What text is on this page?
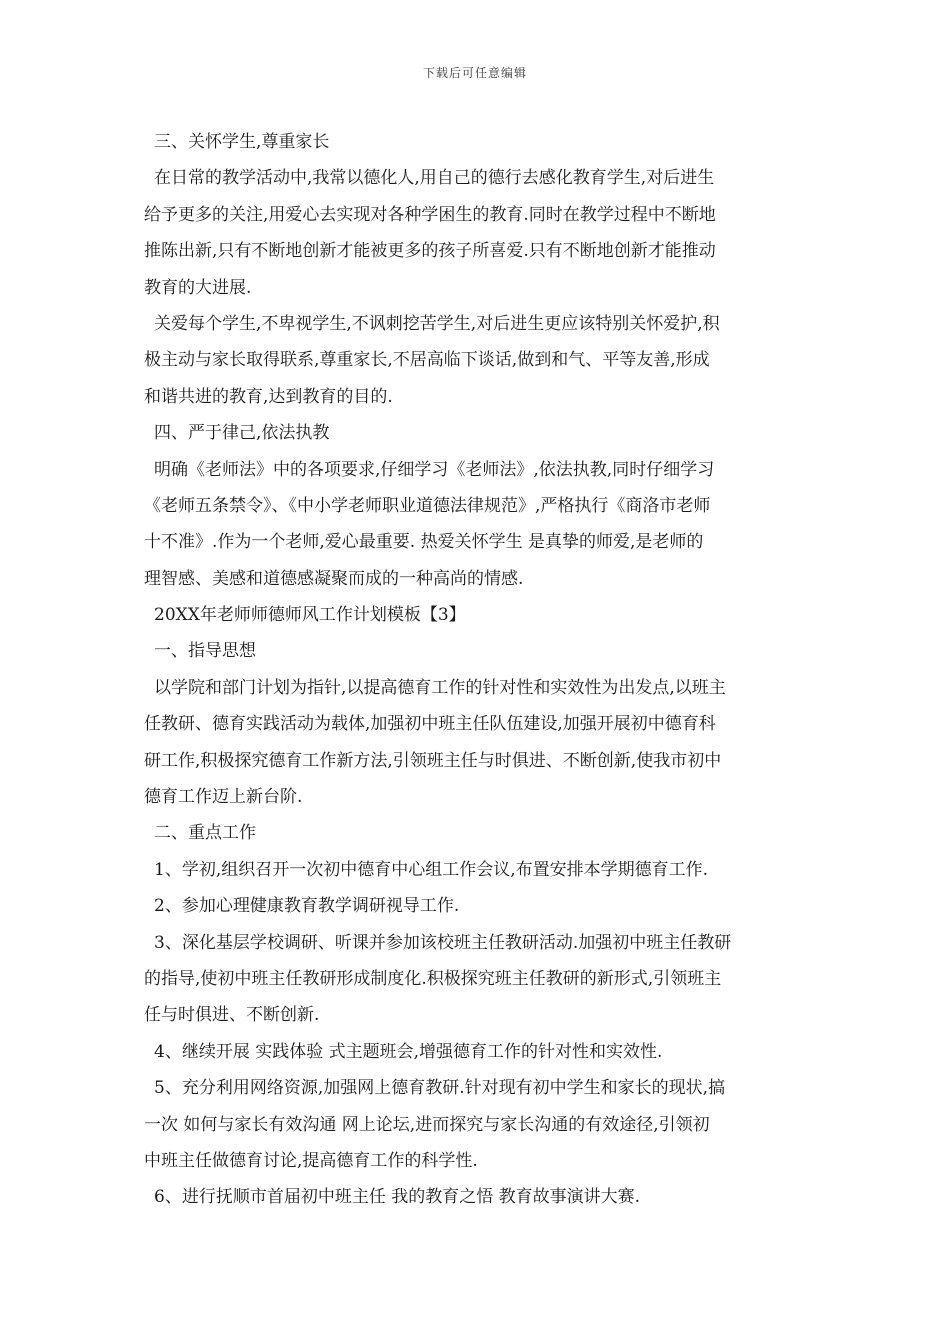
下载后可任意编辑
三、关怀学生,尊重家长
在日常的教学活动中,我常以德化人,用自己的德行去感化教育学生,对后进生
给予更多的关注,用爱心去实现对各种学困生的教育.同时在教学过程中不断地
推陈出新,只有不断地创新才能被更多的孩子所喜爱.只有不断地创新才能推动
教育的大进展.
关爱每个学生,不卑视学生,不讽刺挖苦学生,对后进生更应该特别关怀爱护,积
极主动与家长取得联系,尊重家长,不居高临下谈话,做到和气、平等友善,形成
和谐共进的教育,达到教育的目的.
四、严于律己,依法执教
明确《老师法》中的各项要求,仔细学习《老师法》,依法执教,同时仔细学习
《老师五条禁令》、《中小学老师职业道德法律规范》,严格执行《商洛市老师
十不准》.作为一个老师,爱心最重要. 热爱关怀学生 是真挚的师爱,是老师的
理智感、美感和道德感凝聚而成的一种高尚的情感.
20XX年老师师德师风工作计划模板【3】
一、指导思想
以学院和部门计划为指针,以提高德育工作的针对性和实效性为出发点,以班主
任教研、德育实践活动为载体,加强初中班主任队伍建设,加强开展初中德育科
研工作,积极探究德育工作新方法,引领班主任与时俱进、不断创新,使我市初中
德育工作迈上新台阶.
二、重点工作
1、学初,组织召开一次初中德育中心组工作会议,布置安排本学期德育工作.
2、参加心理健康教育教学调研视导工作.
3、深化基层学校调研、听课并参加该校班主任教研活动.加强初中班主任教研
的指导,使初中班主任教研形成制度化.积极探究班主任教研的新形式,引领班主
任与时俱进、不断创新.
4、继续开展 实践体验 式主题班会,增强德育工作的针对性和实效性.
5、充分利用网络资源,加强网上德育教研.针对现有初中学生和家长的现状,搞
一次 如何与家长有效沟通 网上论坛,进而探究与家长沟通的有效途径,引领初
中班主任做德育讨论,提高德育工作的科学性.
6、进行抚顺市首届初中班主任 我的教育之悟 教育故事演讲大赛.
